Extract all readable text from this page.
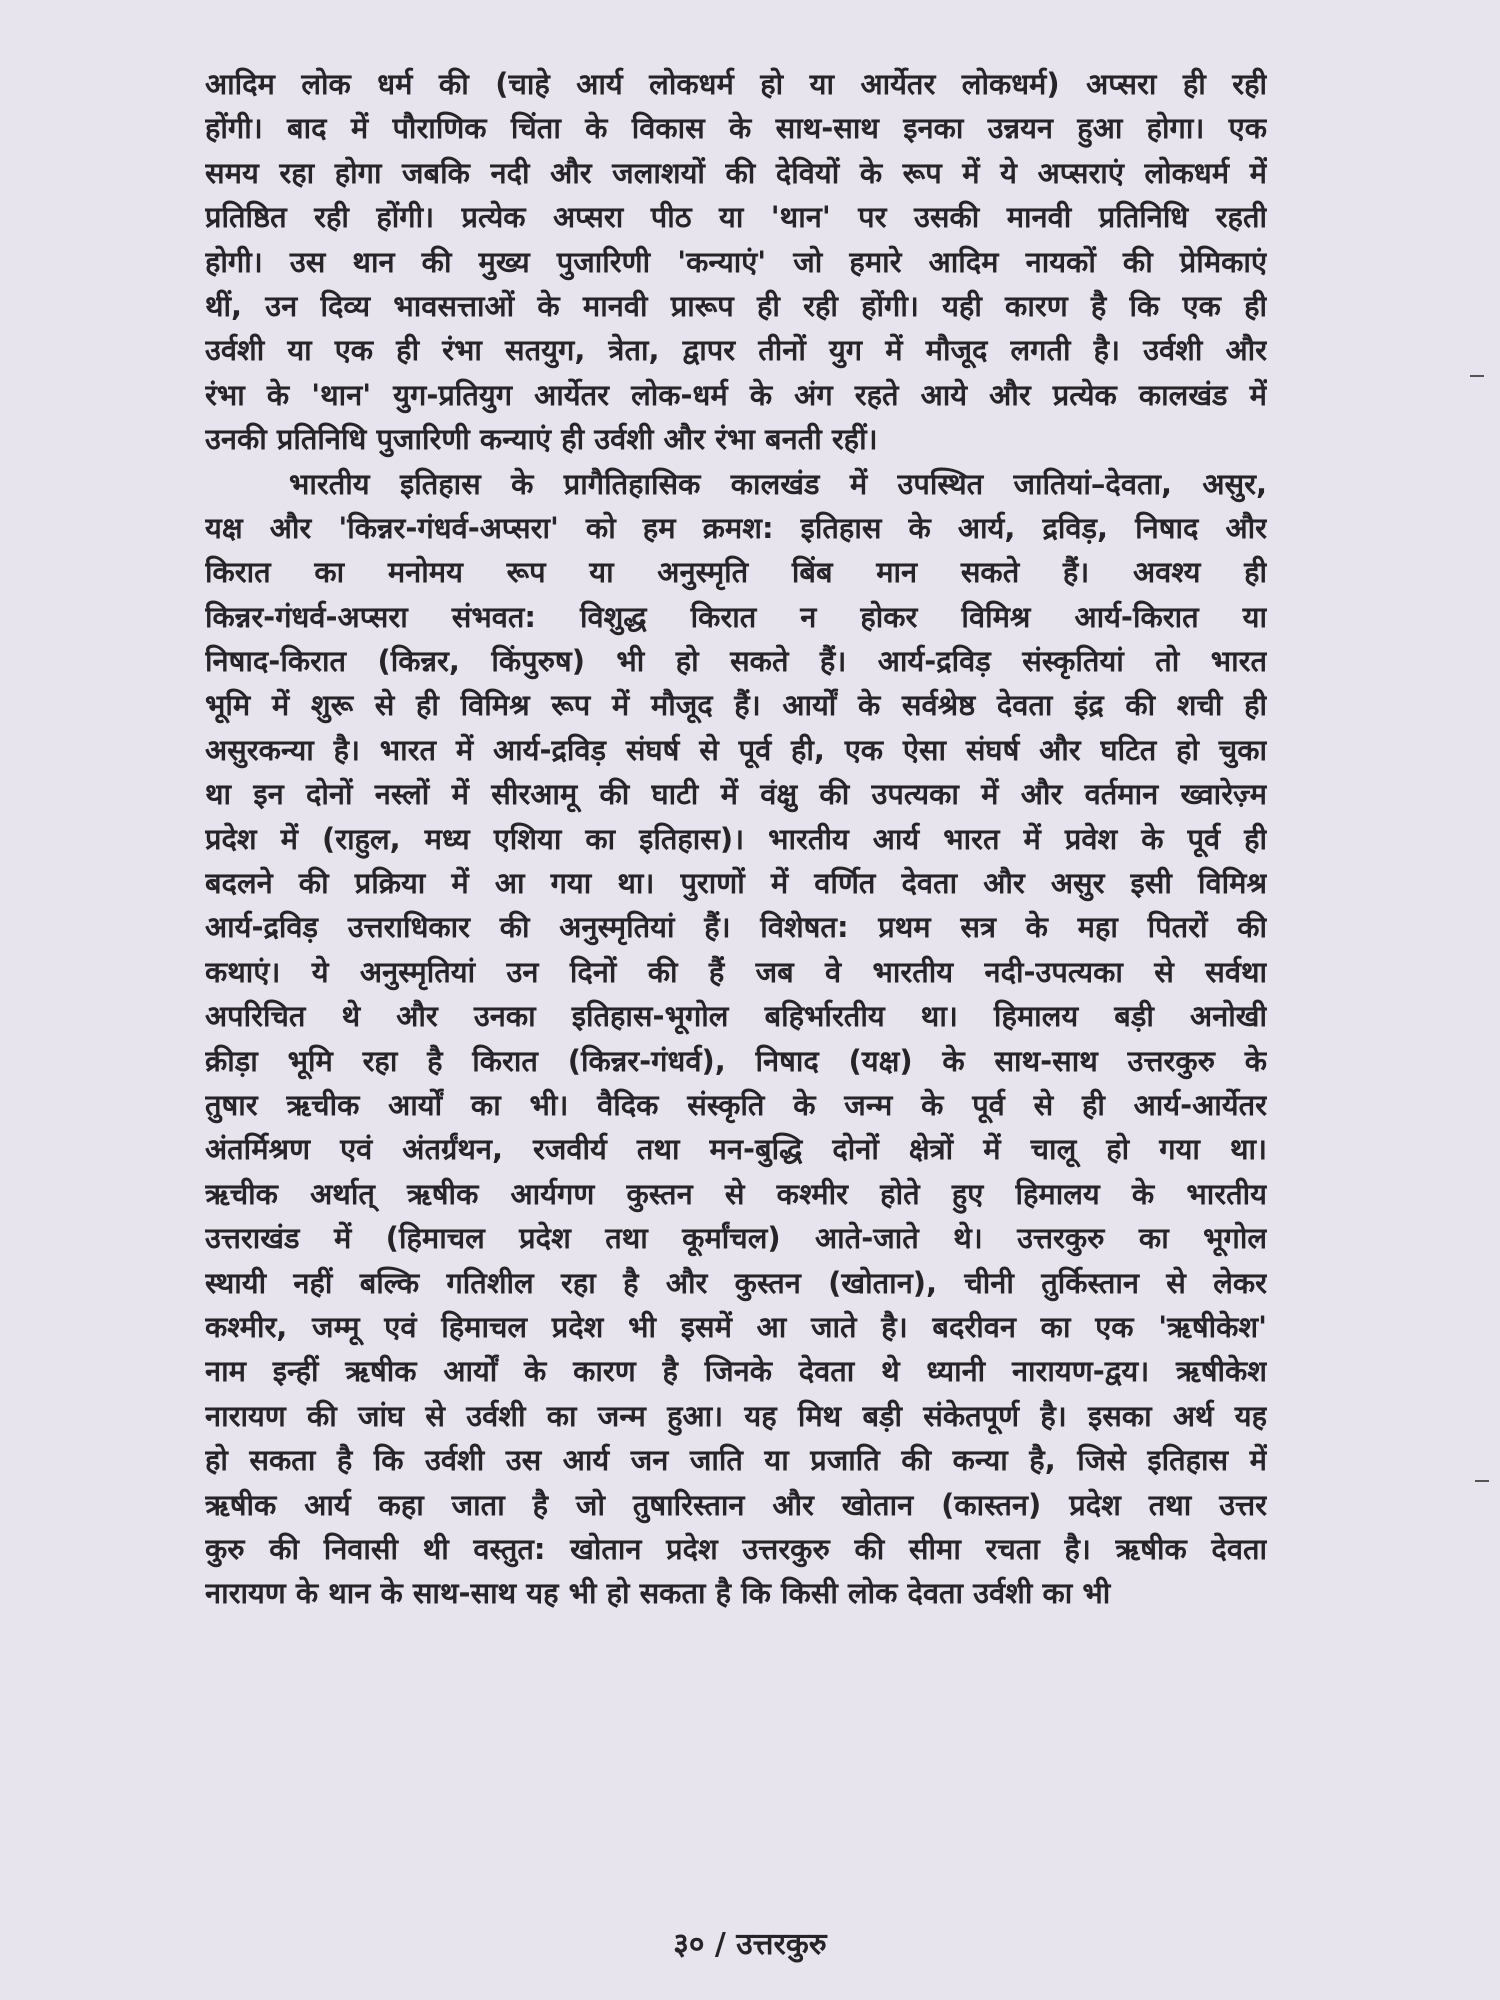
आदिम लोक धर्म की (चाहे आर्य लोकधर्म हो या आर्येतर लोकधर्म) अप्सरा ही रही
होंगी। बाद में पौराणिक चिंता के विकास के साथ-साथ इनका उन्नयन हुआ होगा। एक
समय रहा होगा जबकि नदी और जलाशयों की देवियों के रूप में ये अप्सराएं लोकधर्म में
प्रतिष्ठित रही होंगी। प्रत्येक अप्सरा पीठ या 'थान' पर उसकी मानवी प्रतिनिधि रहती
होगी। उस थान की मुख्य पुजारिणी 'कन्याएं' जो हमारे आदिम नायकों की प्रेमिकाएं
थीं, उन दिव्य भावसत्ताओं के मानवी प्रारूप ही रही होंगी। यही कारण है कि एक ही
उर्वशी या एक ही रंभा सतयुग, त्रेता, द्वापर तीनों युग में मौजूद लगती है। उर्वशी और
रंभा के 'थान' युग-प्रतियुग आर्येतर लोक-धर्म के अंग रहते आये और प्रत्येक कालखंड में
उनकी प्रतिनिधि पुजारिणी कन्याएं ही उर्वशी और रंभा बनती रहीं।
भारतीय इतिहास के प्रागैतिहासिक कालखंड में उपस्थित जातियां–देवता, असुर,
यक्ष और 'किन्नर-गंधर्व-अप्सरा' को हम क्रमश: इतिहास के आर्य, द्रविड़, निषाद और
किरात का मनोमय रूप या अनुस्मृति बिंब मान सकते हैं। अवश्य ही
किन्नर-गंधर्व-अप्सरा संभवत: विशुद्ध किरात न होकर विमिश्र आर्य-किरात या
निषाद-किरात (किन्नर, किंपुरुष) भी हो सकते हैं। आर्य-द्रविड़ संस्कृतियां तो भारत
भूमि में शुरू से ही विमिश्र रूप में मौजूद हैं। आर्यों के सर्वश्रेष्ठ देवता इंद्र की शची ही
असुरकन्या है। भारत में आर्य-द्रविड़ संघर्ष से पूर्व ही, एक ऐसा संघर्ष और घटित हो चुका
था इन दोनों नस्लों में सीरआमू की घाटी में वंक्षु की उपत्यका में और वर्तमान ख्वारेज़्म
प्रदेश में (राहुल, मध्य एशिया का इतिहास)। भारतीय आर्य भारत में प्रवेश के पूर्व ही
बदलने की प्रक्रिया में आ गया था। पुराणों में वर्णित देवता और असुर इसी विमिश्र
आर्य-द्रविड़ उत्तराधिकार की अनुस्मृतियां हैं। विशेषत: प्रथम सत्र के महा पितरों की
कथाएं। ये अनुस्मृतियां उन दिनों की हैं जब वे भारतीय नदी-उपत्यका से सर्वथा
अपरिचित थे और उनका इतिहास-भूगोल बहिर्भारतीय था। हिमालय बड़ी अनोखी
क्रीड़ा भूमि रहा है किरात (किन्नर-गंधर्व), निषाद (यक्ष) के साथ-साथ उत्तरकुरु के
तुषार ऋचीक आर्यों का भी। वैदिक संस्कृति के जन्म के पूर्व से ही आर्य-आर्येतर
अंतर्मिश्रण एवं अंतर्ग्रंथन, रजवीर्य तथा मन-बुद्धि दोनों क्षेत्रों में चालू हो गया था।
ऋचीक अर्थात् ऋषीक आर्यगण कुस्तन से कश्मीर होते हुए हिमालय के भारतीय
उत्तराखंड में (हिमाचल प्रदेश तथा कूर्मांचल) आते-जाते थे। उत्तरकुरु का भूगोल
स्थायी नहीं बल्कि गतिशील रहा है और कुस्तन (खोतान), चीनी तुर्किस्तान से लेकर
कश्मीर, जम्मू एवं हिमाचल प्रदेश भी इसमें आ जाते है। बदरीवन का एक 'ऋषीकेश'
नाम इन्हीं ऋषीक आर्यों के कारण है जिनके देवता थे ध्यानी नारायण-द्वय। ऋषीकेश
नारायण की जांघ से उर्वशी का जन्म हुआ। यह मिथ बड़ी संकेतपूर्ण है। इसका अर्थ यह
हो सकता है कि उर्वशी उस आर्य जन जाति या प्रजाति की कन्या है, जिसे इतिहास में
ऋषीक आर्य कहा जाता है जो तुषारिस्तान और खोतान (कास्तन) प्रदेश तथा उत्तर
कुरु की निवासी थी वस्तुत: खोतान प्रदेश उत्तरकुरु की सीमा रचता है। ऋषीक देवता
नारायण के थान के साथ-साथ यह भी हो सकता है कि किसी लोक देवता उर्वशी का भी
३० / उत्तरकुरु
